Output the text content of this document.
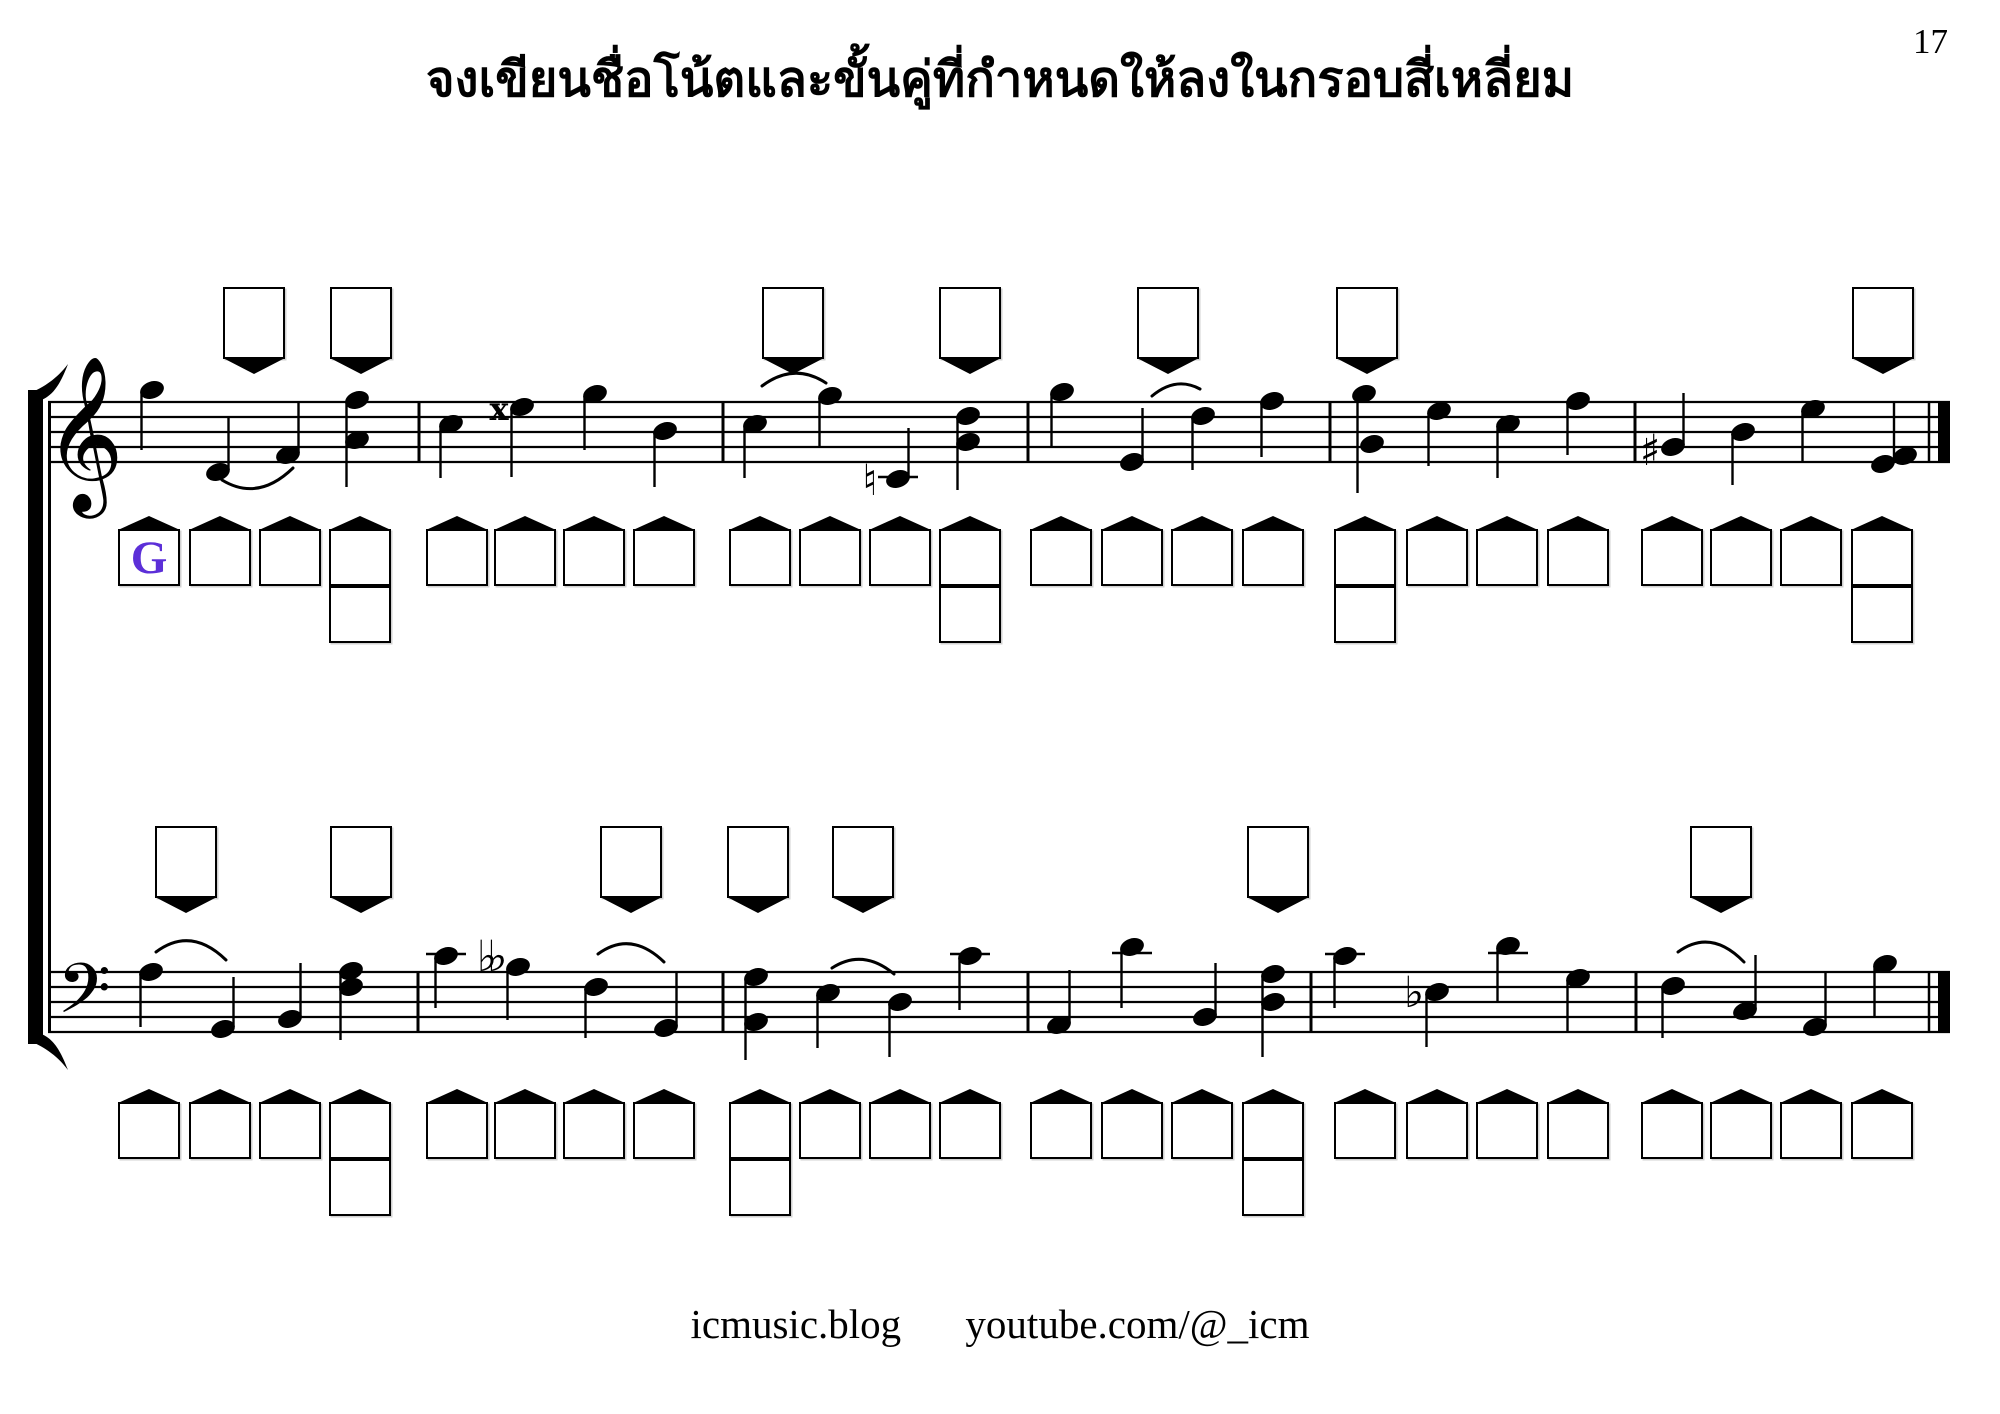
17
จงเขียนชื่อโน้ตและขั้นคู่ที่กำหนดให้ลงในกรอบสี่เหลี่ยม
𝄞	x
♮
♯
𝄢	♭♭
♭
G
icmusic.blog youtube.com/@_icm
